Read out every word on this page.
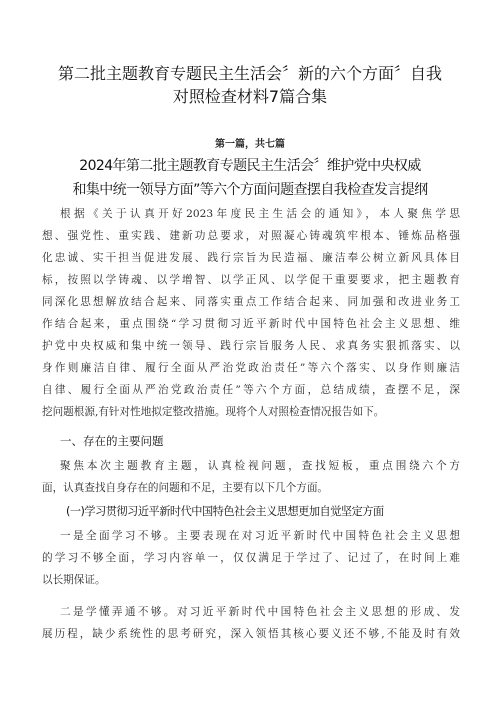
第二批主题教育专题民主生活会〞新的六个方面〞自我
对照检查材料7篇合集
第一篇，共七篇
2024年第二批主题教育专题民主生活会〞维护党中央权威
和集中统一领导方面”等六个方面问题查摆自我检查发言提纲
根据《关于认真开好2023年度民主生活会的通知》，本人聚焦学思
想、强党性、重实践、建新功总要求，对照凝心铸魂筑牢根本、锤炼品格强
化忠诚、实干担当促进发展、践行宗旨为民造福、廉洁奉公树立新风具体目
标，按照以学铸魂、以学增智、以学正风、以学促干重要要求，把主题教育
同深化思想解放结合起来、同落实重点工作结合起来、同加强和改进业务工
作结合起来，重点围绕“学习贯彻习近平新时代中国特色社会主义思想、维
护党中央权威和集中统一领导、践行宗旨服务人民、求真务实狠抓落实、以
身作则廉洁自律、履行全面从严治党政治责任”等六个落实、以身作则廉洁
自律、履行全面从严治党政治责任”等六个方面，总结成绩，查摆不足，深
挖问题根源,有针对性地拟定整改措施。现将个人对照检查情况报告如下。
一、存在的主要问题
聚焦本次主题教育主题，认真检视问题，查找短板，重点围绕六个方
面，认真查找自身存在的问题和不足，主要有以下几个方面。
(一)学习贯彻习近平新时代中国特色社会主义思想更加自觉坚定方面
一是全面学习不够。主要表现在对习近平新时代中国特色社会主义思想
的学习不够全面，学习内容单一，仅仅满足于学过了、记过了，在时间上难
以长期保证。
二是学懂弄通不够。对习近平新时代中国特色社会主义思想的形成、发
展历程，缺少系统性的思考研究，深入领悟其核心要义还不够,不能及时有效
